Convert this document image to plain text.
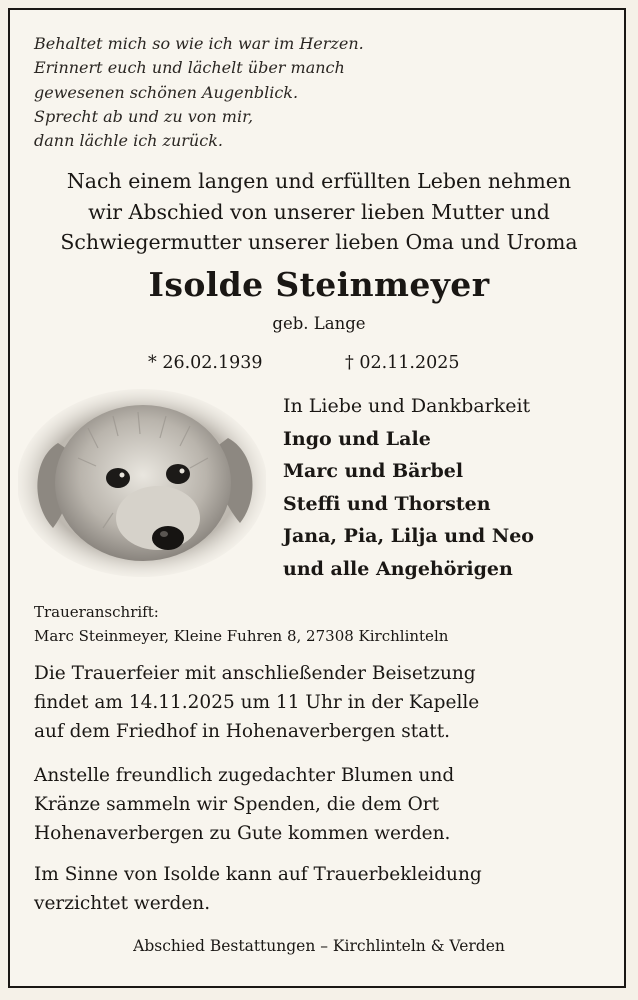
Behaltet mich so wie ich war im Herzen.
Erinnert euch und lächelt über manch
gewesenen schönen Augenblick.
Sprecht ab und zu von mir,
dann lächle ich zurück.
Nach einem langen und erfüllten Leben nehmen
wir Abschied von unserer lieben Mutter und
Schwiegermutter unserer lieben Oma und Uroma
Isolde Steinmeyer
geb. Lange
* 26.02.1939	† 02.11.2025
In Liebe und Dankbarkeit
Ingo und Lale
Marc und Bärbel
Steffi und Thorsten
Jana, Pia, Lilja und Neo
und alle Angehörigen
Traueranschrift:
Marc Steinmeyer, Kleine Fuhren 8, 27308 Kirchlinteln
Die Trauerfeier mit anschließender Beisetzung
findet am 14.11.2025 um 11 Uhr in der Kapelle
auf dem Friedhof in Hohenaverbergen statt.
Anstelle freundlich zugedachter Blumen und
Kränze sammeln wir Spenden, die dem Ort
Hohenaverbergen zu Gute kommen werden.
Im Sinne von Isolde kann auf Trauerbekleidung
verzichtet werden.
Abschied Bestattungen – Kirchlinteln & Verden
